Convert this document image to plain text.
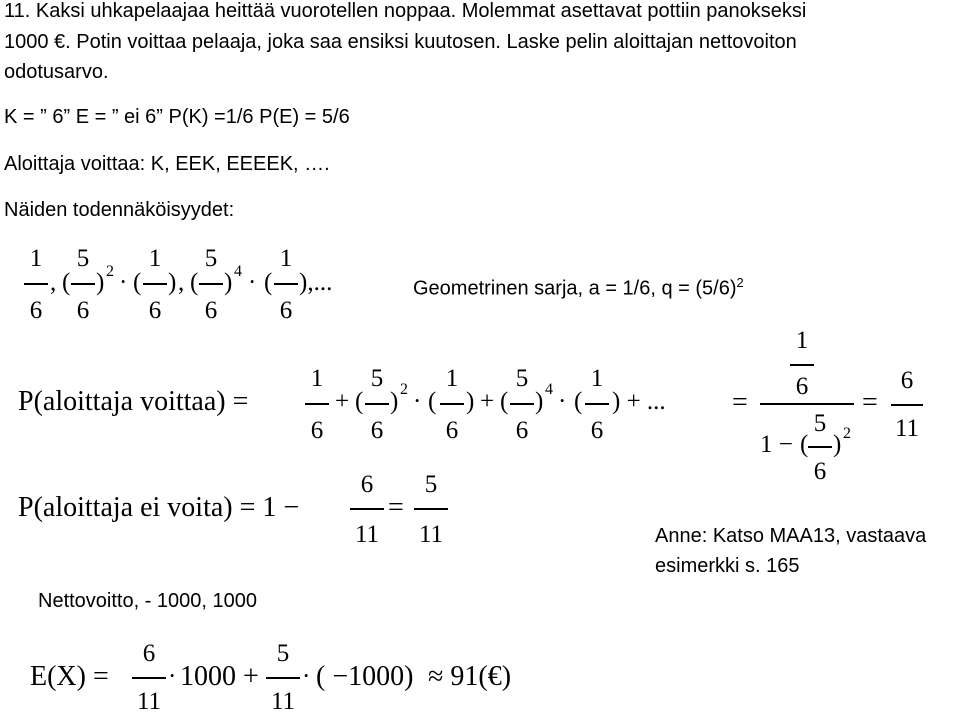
11. Kaksi uhkapelaajaa heittää vuorotellen noppaa. Molemmat asettavat pottiin panokseksi
1000 €. Potin voittaa pelaaja, joka saa ensiksi kuutosen. Laske pelin aloittajan nettovoiton
odotusarvo.
K = ” 6” E = ” ei 6” P(K) =1/6 P(E) = 5/6
Aloittaja voittaa: K, EEK, EEEEK, ….
Näiden todennäköisyydet:
1
6
, (
5
6
) 2 · (
1
6
) , (
5
6
) 4 · (
1
6
),...	Geometrinen sarja, a = 1/6, $q = (5/6)^2$
P(aloittaja voittaa) =
1
6
+ (
5
6
) 2 · (
1
6
) + (
5
6
) 4 · (
1
6
) + ... =
1
6
1 − (
5
6
) 2
=
6
11
P(aloittaja ei voita) = 1 −
6
11
=
5
11	Anne: Katso MAA13, vastaava
esimerkki s. 165
Nettovoitto, - 1000, 1000
E(X) =
6
11
· 1000 +
5
11
· ( −1000) ≈ 91(€)
